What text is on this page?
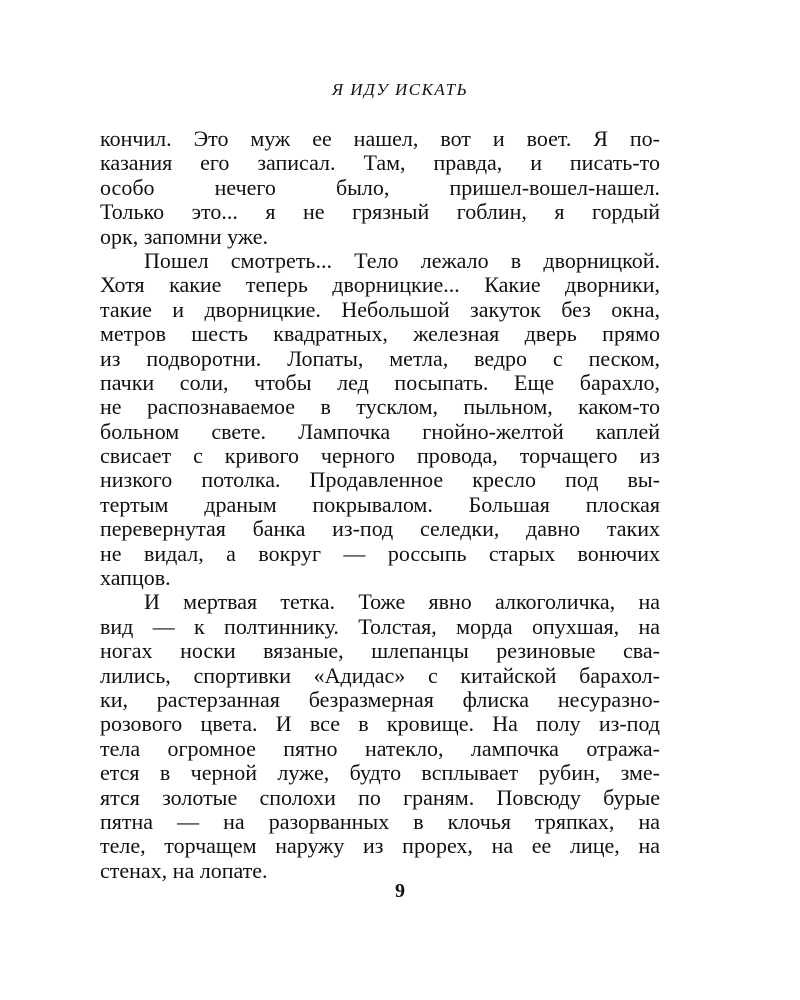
Я ИДУ ИСКАТЬ
кончил. Это муж ее нашел, вот и воет. Я по-
казания его записал. Там, правда, и писать-то
особо нечего было, пришел-вошел-нашел.
Только это... я не грязный гоблин, я гордый
орк, запомни уже.
Пошел смотреть... Тело лежало в дворницкой.
Хотя какие теперь дворницкие... Какие дворники,
такие и дворницкие. Небольшой закуток без окна,
метров шесть квадратных, железная дверь прямо
из подворотни. Лопаты, метла, ведро с песком,
пачки соли, чтобы лед посыпать. Еще барахло,
не распознаваемое в тусклом, пыльном, каком-то
больном свете. Лампочка гнойно-желтой каплей
свисает с кривого черного провода, торчащего из
низкого потолка. Продавленное кресло под вы-
тертым драным покрывалом. Большая плоская
перевернутая банка из-под селедки, давно таких
не видал, а вокруг — россыпь старых вонючих
хапцов.
И мертвая тетка. Тоже явно алкоголичка, на
вид — к полтиннику. Толстая, морда опухшая, на
ногах носки вязаные, шлепанцы резиновые сва-
лились, спортивки «Адидас» с китайской барахол-
ки, растерзанная безразмерная флиска несуразно-
розового цвета. И все в кровище. На полу из-под
тела огромное пятно натекло, лампочка отража-
ется в черной луже, будто всплывает рубин, зме-
ятся золотые сполохи по граням. Повсюду бурые
пятна — на разорванных в клочья тряпках, на
теле, торчащем наружу из прорех, на ее лице, на
стенах, на лопате.
9
